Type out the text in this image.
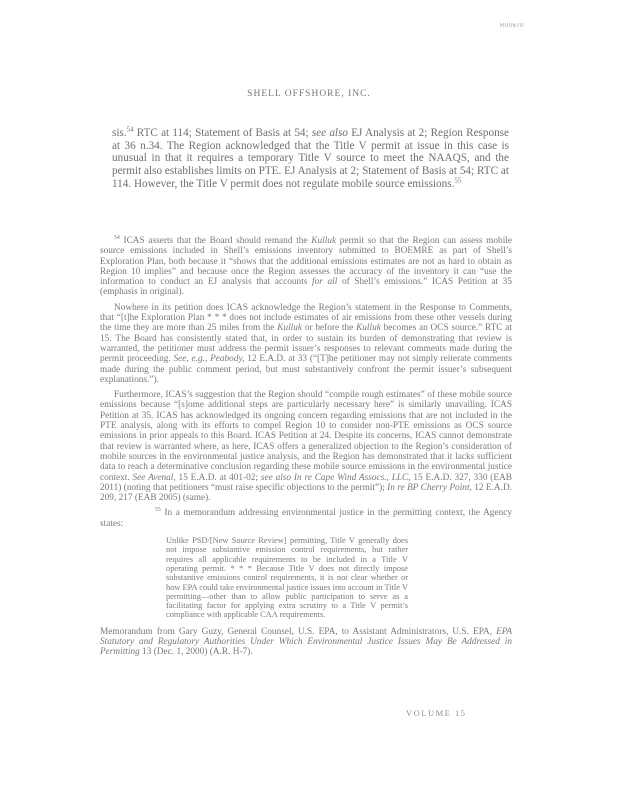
R00670
SHELL OFFSHORE, INC.

sis.$^{54}$ RTC at 114; Statement of Basis at 54; see also EJ Analysis at 2; Region Response at 36 n.34. The Region acknowledged that the Title V permit at issue in this case is unusual in that it requires a temporary Title V source to meet the NAAQS, and the permit also establishes limits on PTE. EJ Analysis at 2; Statement of Basis at 54; RTC at 114. However, the Title V permit does not regulate mobile source emissions.$^{55}$

$^{54}$ ICAS asserts that the Board should remand the Kulluk permit so that the Region can assess mobile source emissions included in Shell’s emissions inventory submitted to BOEMRE as part of Shell’s Exploration Plan, both because it “shows that the additional emissions estimates are not as hard to obtain as Region 10 implies” and because once the Region assesses the accuracy of the inventory it can “use the information to conduct an EJ analysis that accounts for all of Shell’s emissions.” ICAS Petition at 35 (emphasis in original).

Nowhere in its petition does ICAS acknowledge the Region’s statement in the Response to Comments, that “[t]he Exploration Plan * * * does not include estimates of air emissions from these other vessels during the time they are more than 25 miles from the Kulluk or before the Kulluk becomes an OCS source.” RTC at 15. The Board has consistently stated that, in order to sustain its burden of demonstrating that review is warranted, the petitioner must address the permit issuer’s responses to relevant comments made during the permit proceeding. See, e.g., Peabody, 12 E.A.D. at 33 (“[T]he petitioner may not simply reiterate comments made during the public comment period, but must substantively confront the permit issuer’s subsequent explanations.”).

Furthermore, ICAS’s suggestion that the Region should “compile rough estimates” of these mobile source emissions because “[s]ome additional steps are particularly necessary here” is similarly unavailing. ICAS Petition at 35. ICAS has acknowledged its ongoing concern regarding emissions that are not included in the PTE analysis, along with its efforts to compel Region 10 to consider non-PTE emissions as OCS source emissions in prior appeals to this Board. ICAS Petition at 24. Despite its concerns, ICAS cannot demonstrate that review is warranted where, as here, ICAS offers a generalized objection to the Region’s consideration of mobile sources in the environmental justice analysis, and the Region has demonstrated that it lacks sufficient data to reach a determinative conclusion regarding these mobile source emissions in the environmental justice context. See Avenal, 15 E.A.D. at 401-02; see also In re Cape Wind Assocs., LLC, 15 E.A.D. 327, 330 (EAB 2011) (noting that petitioners “must raise specific objections to the permit”); In re BP Cherry Point, 12 E.A.D. 209, 217 (EAB 2005) (same).

$^{55}$ In a memorandum addressing environmental justice in the permitting context, the Agency states:

Unlike PSD/[New Source Review] permitting, Title V generally does not impose substantive emission control requirements, but rather requires all applicable requirements to be included in a Title V operating permit. * * * Because Title V does not directly impose substantive emissions control requirements, it is not clear whether or how EPA could take environmental justice issues into account in Title V permitting—other than to allow public participation to serve as a facilitating factor for applying extra scrutiny to a Title V permit’s compliance with applicable CAA requirements.

Memorandum from Gary Guzy, General Counsel, U.S. EPA, to Assistant Administrators, U.S. EPA, EPA Statutory and Regulatory Authorities Under Which Environmental Justice Issues May Be Addressed in Permitting 13 (Dec. 1, 2000) (A.R. H-7).

VOLUME 15
